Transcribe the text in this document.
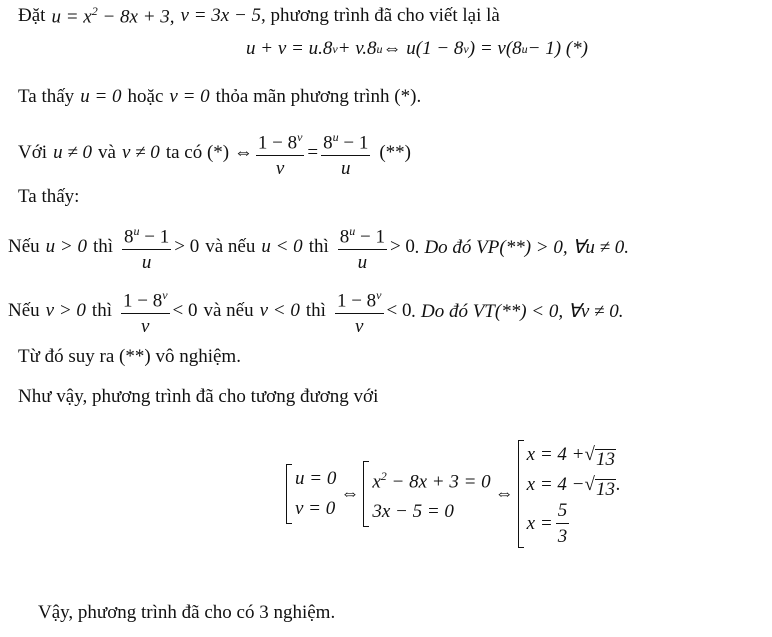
Đặt $u = x^2 - 8x + 3$, v = 3x − 5 , phương trình đã cho viết lại là
u + v = u.8 v + v.8 u ⇔ u(1 − 8 v ) = v(8 u − 1) (*)
Ta thấy u = 0 hoặc v = 0 thỏa mãn phương trình (*).
Với u ≠ 0 và v ≠ 0 ta có (*) ⇔ $\frac{1 - 8^v}{v} = \frac{8^u - 1}{u}$ (**)
Ta thấy:
Nếu u > 0 thì $\frac{8^u - 1}{u} > 0$ và nếu u < 0 thì $\frac{8^u - 1}{u} > 0$ . Do đó VP(**) > 0, ∀u ≠ 0.
Nếu v > 0 thì $\frac{1 - 8^v}{v} < 0$ và nếu v < 0 thì $\frac{1 - 8^v}{v} < 0$ . Do đó VT(**) < 0, ∀v ≠ 0.
Từ đó suy ra (**) vô nghiệm.
Như vậy, phương trình đã cho tương đương với
u = 0
v = 0
⇔
$x^2 - 8x + 3 = 0$
3x − 5 = 0
⇔
x = 4 + √ 13
x = 4 − √ 13 .
$x = \frac{5}{3}$
Vậy, phương trình đã cho có 3 nghiệm.
